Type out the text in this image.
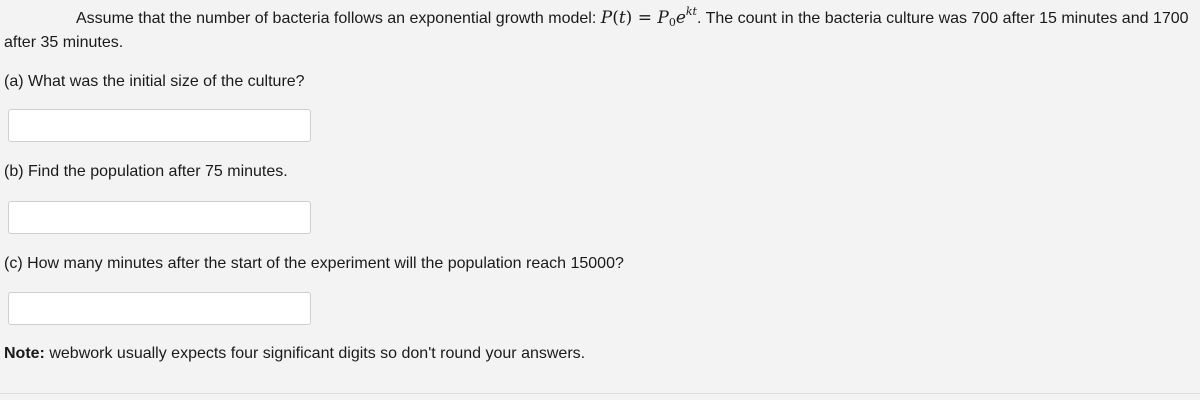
Assume that the number of bacteria follows an exponential growth model: $P(t) = P_0e^{kt}$. The count in the bacteria culture was 700 after 15 minutes and 1700 after 35 minutes.
(a) What was the initial size of the culture?
(b) Find the population after 75 minutes.
(c) How many minutes after the start of the experiment will the population reach 15000?
Note: webwork usually expects four significant digits so don't round your answers.
